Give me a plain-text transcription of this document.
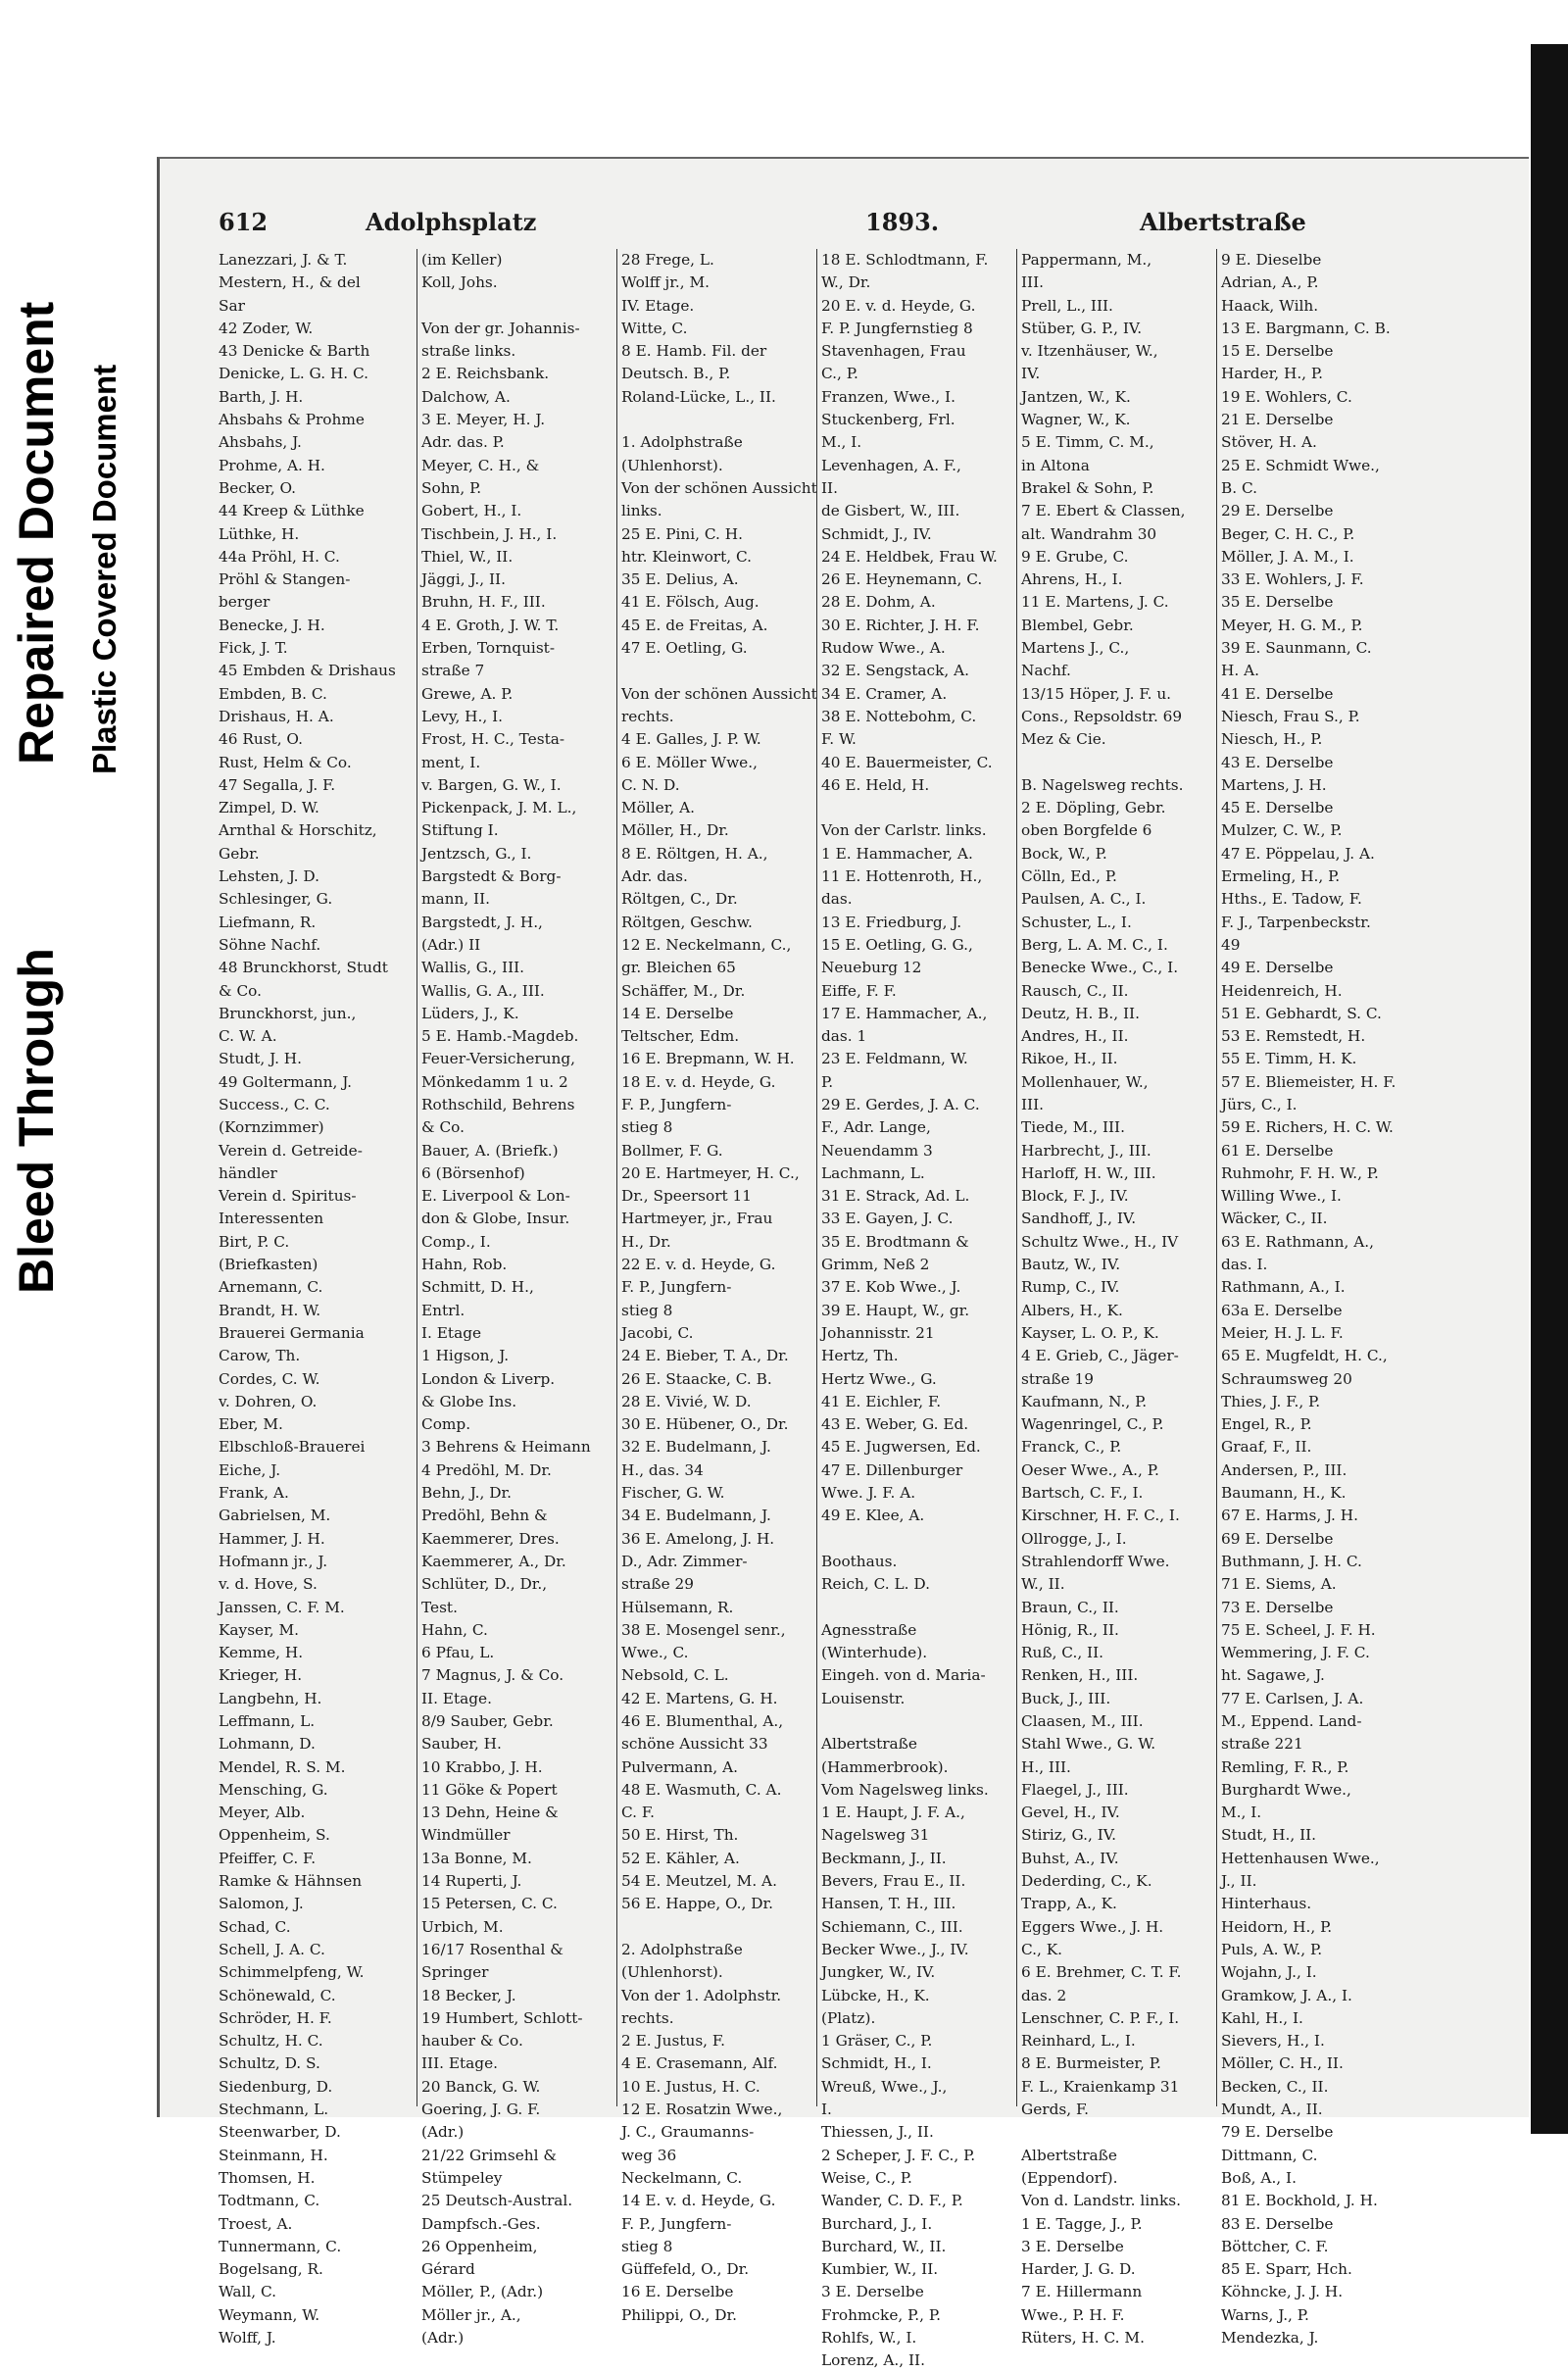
Bleed Through
Repaired Document Plastic Covered Document
612	Adolphsplatz	1893.	Albertstraße
Lanezzari, J. & T.
Mestern, H., & del
Sar
42 Zoder, W.
43 Denicke & Barth
Denicke, L. G. H. C.
Barth, J. H.
Ahsbahs & Prohme
Ahsbahs, J.
Prohme, A. H.
Becker, O.
44 Kreep & Lüthke
Lüthke, H.
44a Pröhl, H. C.
Pröhl & Stangen-
berger
Benecke, J. H.
Fick, J. T.
45 Embden & Drishaus
Embden, B. C.
Drishaus, H. A.
46 Rust, O.
Rust, Helm & Co.
47 Segalla, J. F.
Zimpel, D. W.
Arnthal & Horschitz,
Gebr.
Lehsten, J. D.
Schlesinger, G.
Liefmann, R.
Söhne Nachf.
48 Brunckhorst, Studt
& Co.
Brunckhorst, jun.,
C. W. A.
Studt, J. H.
49 Goltermann, J.
Success., C. C.
(Kornzimmer)
Verein d. Getreide-
händler
Verein d. Spiritus-
Interessenten
Birt, P. C.
(Briefkasten)
Arnemann, C.
Brandt, H. W.
Brauerei Germania
Carow, Th.
Cordes, C. W.
v. Dohren, O.
Eber, M.
Elbschloß-Brauerei
Eiche, J.
Frank, A.
Gabrielsen, M.
Hammer, J. H.
Hofmann jr., J.
v. d. Hove, S.
Janssen, C. F. M.
Kayser, M.
Kemme, H.
Krieger, H.
Langbehn, H.
Leffmann, L.
Lohmann, D.
Mendel, R. S. M.
Mensching, G.
Meyer, Alb.
Oppenheim, S.
Pfeiffer, C. F.
Ramke & Hähnsen
Salomon, J.
Schad, C.
Schell, J. A. C.
Schimmelpfeng, W.
Schönewald, C.
Schröder, H. F.
Schultz, H. C.
Schultz, D. S.
Siedenburg, D.
Stechmann, L.
Steenwarber, D.
Steinmann, H.
Thomsen, H.
Todtmann, C.
Troest, A.
Tunnermann, C.
Bogelsang, R.
Wall, C.
Weymann, W.
Wolff, J.
(im Keller)
Koll, Johs.
Von der gr. Johannis-
straße links.
2 E. Reichsbank.
Dalchow, A.
3 E. Meyer, H. J.
Adr. das. P.
Meyer, C. H., &
Sohn, P.
Gobert, H., I.
Tischbein, J. H., I.
Thiel, W., II.
Jäggi, J., II.
Bruhn, H. F., III.
4 E. Groth, J. W. T.
Erben, Tornquist-
straße 7
Grewe, A. P.
Levy, H., I.
Frost, H. C., Testa-
ment, I.
v. Bargen, G. W., I.
Pickenpack, J. M. L.,
Stiftung I.
Jentzsch, G., I.
Bargstedt & Borg-
mann, II.
Bargstedt, J. H.,
(Adr.) II
Wallis, G., III.
Wallis, G. A., III.
Lüders, J., K.
5 E. Hamb.-Magdeb.
Feuer-Versicherung,
Mönkedamm 1 u. 2
Rothschild, Behrens
& Co.
Bauer, A. (Briefk.)
6 (Börsenhof)
E. Liverpool & Lon-
don & Globe, Insur.
Comp., I.
Hahn, Rob.
Schmitt, D. H.,
Entrl.
I. Etage
1 Higson, J.
London & Liverp.
& Globe Ins.
Comp.
3 Behrens & Heimann
4 Predöhl, M. Dr.
Behn, J., Dr.
Predöhl, Behn &
Kaemmerer, Dres.
Kaemmerer, A., Dr.
Schlüter, D., Dr.,
Test.
Hahn, C.
6 Pfau, L.
7 Magnus, J. & Co.
II. Etage.
8/9 Sauber, Gebr.
Sauber, H.
10 Krabbo, J. H.
11 Göke & Popert
13 Dehn, Heine &
Windmüller
13a Bonne, M.
14 Ruperti, J.
15 Petersen, C. C.
Urbich, M.
16/17 Rosenthal &
Springer
18 Becker, J.
19 Humbert, Schlott-
hauber & Co.
III. Etage.
20 Banck, G. W.
Goering, J. G. F.
(Adr.)
21/22 Grimsehl &
Stümpeley
25 Deutsch-Austral.
Dampfsch.-Ges.
26 Oppenheim,
Gérard
Möller, P., (Adr.)
Möller jr., A.,
(Adr.)
28 Frege, L.
Wolff jr., M.
IV. Etage.
Witte, C.
8 E. Hamb. Fil. der
Deutsch. B., P.
Roland-Lücke, L., II.
1. Adolphstraße
(Uhlenhorst).
Von der schönen Aussicht
links.
25 E. Pini, C. H.
htr. Kleinwort, C.
35 E. Delius, A.
41 E. Fölsch, Aug.
45 E. de Freitas, A.
47 E. Oetling, G.
Von der schönen Aussicht
rechts.
4 E. Galles, J. P. W.
6 E. Möller Wwe.,
C. N. D.
Möller, A.
Möller, H., Dr.
8 E. Röltgen, H. A.,
Adr. das.
Röltgen, C., Dr.
Röltgen, Geschw.
12 E. Neckelmann, C.,
gr. Bleichen 65
Schäffer, M., Dr.
14 E. Derselbe
Teltscher, Edm.
16 E. Brepmann, W. H.
18 E. v. d. Heyde, G.
F. P., Jungfern-
stieg 8
Bollmer, F. G.
20 E. Hartmeyer, H. C.,
Dr., Speersort 11
Hartmeyer, jr., Frau
H., Dr.
22 E. v. d. Heyde, G.
F. P., Jungfern-
stieg 8
Jacobi, C.
24 E. Bieber, T. A., Dr.
26 E. Staacke, C. B.
28 E. Vivié, W. D.
30 E. Hübener, O., Dr.
32 E. Budelmann, J.
H., das. 34
Fischer, G. W.
34 E. Budelmann, J.
36 E. Amelong, J. H.
D., Adr. Zimmer-
straße 29
Hülsemann, R.
38 E. Mosengel senr.,
Wwe., C.
Nebsold, C. L.
42 E. Martens, G. H.
46 E. Blumenthal, A.,
schöne Aussicht 33
Pulvermann, A.
48 E. Wasmuth, C. A.
C. F.
50 E. Hirst, Th.
52 E. Kähler, A.
54 E. Meutzel, M. A.
56 E. Happe, O., Dr.
2. Adolphstraße
(Uhlenhorst).
Von der 1. Adolphstr.
rechts.
2 E. Justus, F.
4 E. Crasemann, Alf.
10 E. Justus, H. C.
12 E. Rosatzin Wwe.,
J. C., Graumanns-
weg 36
Neckelmann, C.
14 E. v. d. Heyde, G.
F. P., Jungfern-
stieg 8
Güffefeld, O., Dr.
16 E. Derselbe
Philippi, O., Dr.
18 E. Schlodtmann, F.
W., Dr.
20 E. v. d. Heyde, G.
F. P. Jungfernstieg 8
Stavenhagen, Frau
C., P.
Franzen, Wwe., I.
Stuckenberg, Frl.
M., I.
Levenhagen, A. F.,
II.
de Gisbert, W., III.
Schmidt, J., IV.
24 E. Heldbek, Frau W.
26 E. Heynemann, C.
28 E. Dohm, A.
30 E. Richter, J. H. F.
Rudow Wwe., A.
32 E. Sengstack, A.
34 E. Cramer, A.
38 E. Nottebohm, C.
F. W.
40 E. Bauermeister, C.
46 E. Held, H.
Von der Carlstr. links.
1 E. Hammacher, A.
11 E. Hottenroth, H.,
das.
13 E. Friedburg, J.
15 E. Oetling, G. G.,
Neueburg 12
Eiffe, F. F.
17 E. Hammacher, A.,
das. 1
23 E. Feldmann, W.
P.
29 E. Gerdes, J. A. C.
F., Adr. Lange,
Neuendamm 3
Lachmann, L.
31 E. Strack, Ad. L.
33 E. Gayen, J. C.
35 E. Brodtmann &
Grimm, Neß 2
37 E. Kob Wwe., J.
39 E. Haupt, W., gr.
Johannisstr. 21
Hertz, Th.
Hertz Wwe., G.
41 E. Eichler, F.
43 E. Weber, G. Ed.
45 E. Jugwersen, Ed.
47 E. Dillenburger
Wwe. J. F. A.
49 E. Klee, A.
Boothaus.
Reich, C. L. D.
Agnesstraße
(Winterhude).
Eingeh. von d. Maria-
Louisenstr.
Albertstraße
(Hammerbrook).
Vom Nagelsweg links.
1 E. Haupt, J. F. A.,
Nagelsweg 31
Beckmann, J., II.
Bevers, Frau E., II.
Hansen, T. H., III.
Schiemann, C., III.
Becker Wwe., J., IV.
Jungker, W., IV.
Lübcke, H., K.
(Platz).
1 Gräser, C., P.
Schmidt, H., I.
Wreuß, Wwe., J.,
I.
Thiessen, J., II.
2 Scheper, J. F. C., P.
Weise, C., P.
Wander, C. D. F., P.
Burchard, J., I.
Burchard, W., II.
Kumbier, W., II.
3 E. Derselbe
Frohmcke, P., P.
Rohlfs, W., I.
Lorenz, A., II.
Pappermann, M.,
III.
Prell, L., III.
Stüber, G. P., IV.
v. Itzenhäuser, W.,
IV.
Jantzen, W., K.
Wagner, W., K.
5 E. Timm, C. M.,
in Altona
Brakel & Sohn, P.
7 E. Ebert & Classen,
alt. Wandrahm 30
9 E. Grube, C.
Ahrens, H., I.
11 E. Martens, J. C.
Blembel, Gebr.
Martens J., C.,
Nachf.
13/15 Höper, J. F. u.
Cons., Repsoldstr. 69
Mez & Cie.
B. Nagelsweg rechts.
2 E. Döpling, Gebr.
oben Borgfelde 6
Bock, W., P.
Cölln, Ed., P.
Paulsen, A. C., I.
Schuster, L., I.
Berg, L. A. M. C., I.
Benecke Wwe., C., I.
Rausch, C., II.
Deutz, H. B., II.
Andres, H., II.
Rikoe, H., II.
Mollenhauer, W.,
III.
Tiede, M., III.
Harbrecht, J., III.
Harloff, H. W., III.
Block, F. J., IV.
Sandhoff, J., IV.
Schultz Wwe., H., IV
Bautz, W., IV.
Rump, C., IV.
Albers, H., K.
Kayser, L. O. P., K.
4 E. Grieb, C., Jäger-
straße 19
Kaufmann, N., P.
Wagenringel, C., P.
Franck, C., P.
Oeser Wwe., A., P.
Bartsch, C. F., I.
Kirschner, H. F. C., I.
Ollrogge, J., I.
Strahlendorff Wwe.
W., II.
Braun, C., II.
Hönig, R., II.
Ruß, C., II.
Renken, H., III.
Buck, J., III.
Claasen, M., III.
Stahl Wwe., G. W.
H., III.
Flaegel, J., III.
Gevel, H., IV.
Stiriz, G., IV.
Buhst, A., IV.
Dederding, C., K.
Trapp, A., K.
Eggers Wwe., J. H.
C., K.
6 E. Brehmer, C. T. F.
das. 2
Lenschner, C. P. F., I.
Reinhard, L., I.
8 E. Burmeister, P.
F. L., Kraienkamp 31
Gerds, F.
Albertstraße
(Eppendorf).
Von d. Landstr. links.
1 E. Tagge, J., P.
3 E. Derselbe
Harder, J. G. D.
7 E. Hillermann
Wwe., P. H. F.
Rüters, H. C. M.
9 E. Dieselbe
Adrian, A., P.
Haack, Wilh.
13 E. Bargmann, C. B.
15 E. Derselbe
Harder, H., P.
19 E. Wohlers, C.
21 E. Derselbe
Stöver, H. A.
25 E. Schmidt Wwe.,
B. C.
29 E. Derselbe
Beger, C. H. C., P.
Möller, J. A. M., I.
33 E. Wohlers, J. F.
35 E. Derselbe
Meyer, H. G. M., P.
39 E. Saunmann, C.
H. A.
41 E. Derselbe
Niesch, Frau S., P.
Niesch, H., P.
43 E. Derselbe
Martens, J. H.
45 E. Derselbe
Mulzer, C. W., P.
47 E. Pöppelau, J. A.
Ermeling, H., P.
Hths., E. Tadow, F.
F. J., Tarpenbeckstr.
49
49 E. Derselbe
Heidenreich, H.
51 E. Gebhardt, S. C.
53 E. Remstedt, H.
55 E. Timm, H. K.
57 E. Bliemeister, H. F.
Jürs, C., I.
59 E. Richers, H. C. W.
61 E. Derselbe
Ruhmohr, F. H. W., P.
Willing Wwe., I.
Wäcker, C., II.
63 E. Rathmann, A.,
das. I.
Rathmann, A., I.
63a E. Derselbe
Meier, H. J. L. F.
65 E. Mugfeldt, H. C.,
Schraumsweg 20
Thies, J. F., P.
Engel, R., P.
Graaf, F., II.
Andersen, P., III.
Baumann, H., K.
67 E. Harms, J. H.
69 E. Derselbe
Buthmann, J. H. C.
71 E. Siems, A.
73 E. Derselbe
75 E. Scheel, J. F. H.
Wemmering, J. F. C.
ht. Sagawe, J.
77 E. Carlsen, J. A.
M., Eppend. Land-
straße 221
Remling, F. R., P.
Burghardt Wwe.,
M., I.
Studt, H., II.
Hettenhausen Wwe.,
J., II.
Hinterhaus.
Heidorn, H., P.
Puls, A. W., P.
Wojahn, J., I.
Gramkow, J. A., I.
Kahl, H., I.
Sievers, H., I.
Möller, C. H., II.
Becken, C., II.
Mundt, A., II.
79 E. Derselbe
Dittmann, C.
Boß, A., I.
81 E. Bockhold, J. H.
83 E. Derselbe
Böttcher, C. F.
85 E. Sparr, Hch.
Köhncke, J. J. H.
Warns, J., P.
Mendezka, J.
